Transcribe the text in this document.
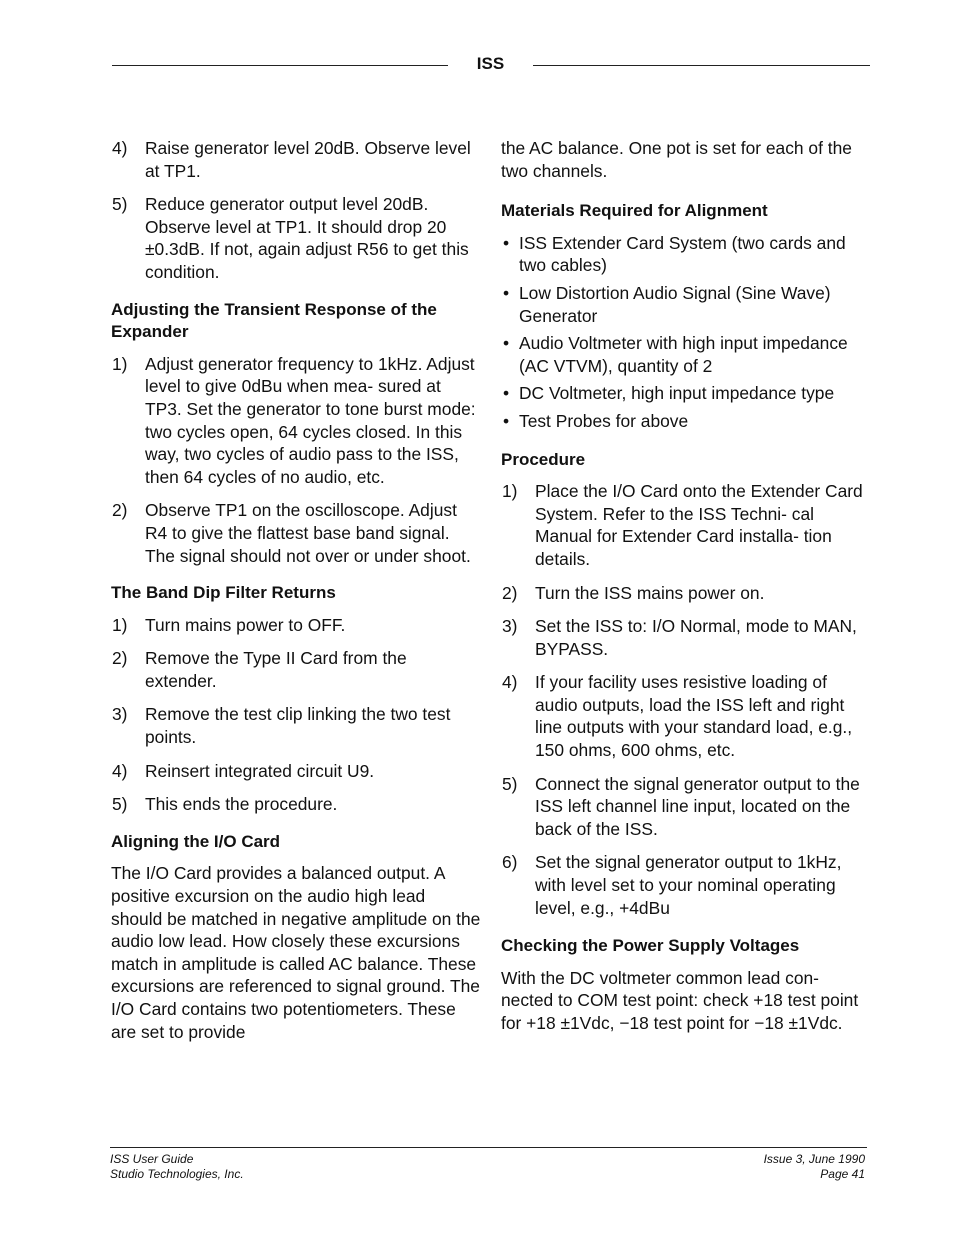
ISS
4) Raise generator level 20dB. Observe level at TP1.
5) Reduce generator output level 20dB. Observe level at TP1. It should drop 20 ±0.3dB. If not, again adjust R56 to get this condition.
Adjusting the Transient Response of the Expander
1) Adjust generator frequency to 1kHz. Adjust level to give 0dBu when mea- sured at TP3. Set the generator to tone burst mode: two cycles open, 64 cycles closed. In this way, two cycles of audio pass to the ISS, then 64 cycles of no audio, etc.
2) Observe TP1 on the oscilloscope. Adjust R4 to give the flattest base band signal. The signal should not over or under shoot.
The Band Dip Filter Returns
1) Turn mains power to OFF.
2) Remove the Type II Card from the extender.
3) Remove the test clip linking the two test points.
4) Reinsert integrated circuit U9.
5) This ends the procedure.
Aligning the I/O Card
The I/O Card provides a balanced output. A positive excursion on the audio high lead should be matched in negative amplitude on the audio low lead. How closely these excursions match in amplitude is called AC balance. These excursions are referenced to signal ground. The I/O Card contains two potentiometers. These are set to provide
the AC balance. One pot is set for each of the two channels.
Materials Required for Alignment
• ISS Extender Card System (two cards and two cables)
• Low Distortion Audio Signal (Sine Wave) Generator
• Audio Voltmeter with high input impedance (AC VTVM), quantity of 2
• DC Voltmeter, high input impedance type
• Test Probes for above
Procedure
1) Place the I/O Card onto the Extender Card System. Refer to the ISS Techni- cal Manual for Extender Card installa- tion details.
2) Turn the ISS mains power on.
3) Set the ISS to: I/O Normal, mode to MAN, BYPASS.
4) If your facility uses resistive loading of audio outputs, load the ISS left and right line outputs with your standard load, e.g., 150 ohms, 600 ohms, etc.
5) Connect the signal generator output to the ISS left channel line input, located on the back of the ISS.
6) Set the signal generator output to 1kHz, with level set to your nominal operating level, e.g., +4dBu
Checking the Power Supply Voltages
With the DC voltmeter common lead con- nected to COM test point: check +18 test point for +18 ±1Vdc, −18 test point for −18 ±1Vdc.
ISS User Guide
Studio Technologies, Inc.
Issue 3, June 1990
Page 41
